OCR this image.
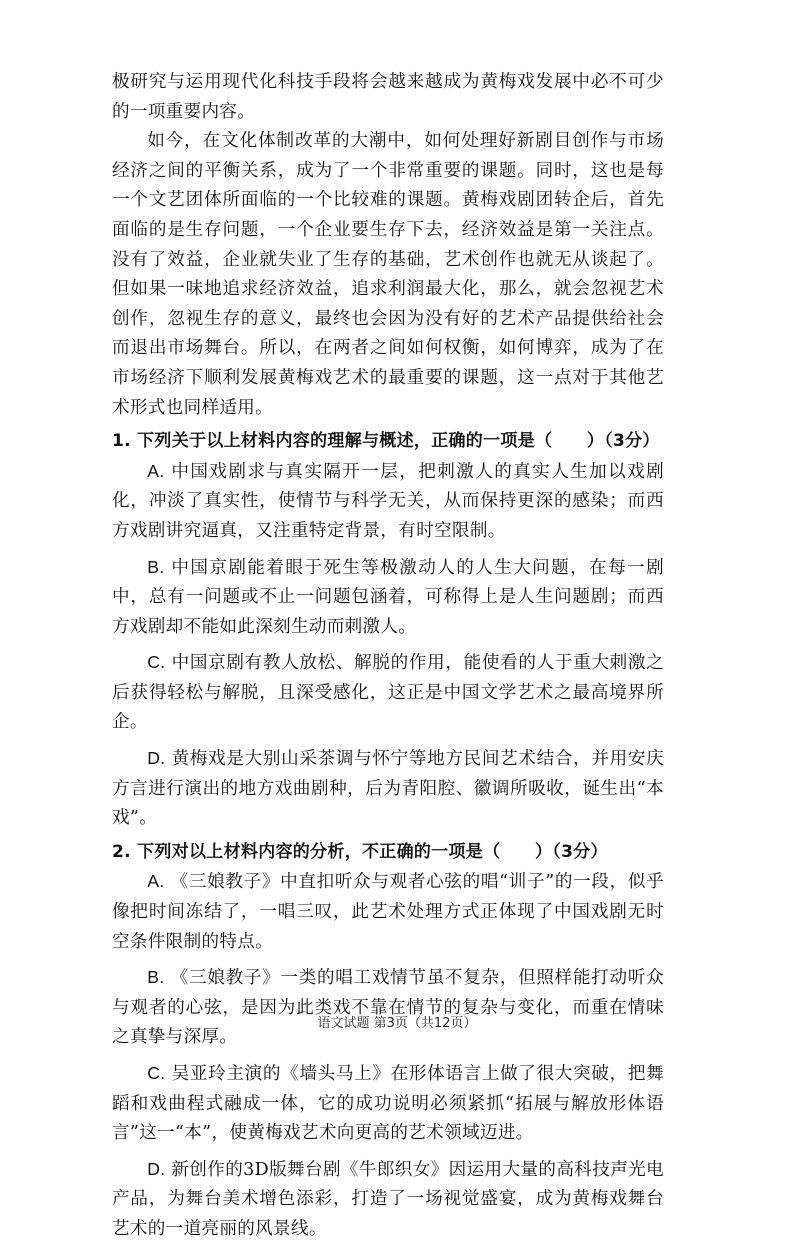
极研究与运用现代化科技手段将会越来越成为黄梅戏发展中必不可少的一项重要内容。

如今，在文化体制改革的大潮中，如何处理好新剧目创作与市场经济之间的平衡关系，成为了一个非常重要的课题。同时，这也是每一个文艺团体所面临的一个比较难的课题。黄梅戏剧团转企后，首先面临的是生存问题，一个企业要生存下去，经济效益是第一关注点。没有了效益，企业就失业了生存的基础，艺术创作也就无从谈起了。但如果一味地追求经济效益，追求利润最大化，那么，就会忽视艺术创作，忽视生存的意义，最终也会因为没有好的艺术产品提供给社会而退出市场舞台。所以，在两者之间如何权衡，如何博弈，成为了在市场经济下顺利发展黄梅戏艺术的最重要的课题，这一点对于其他艺术形式也同样适用。

1. 下列关于以上材料内容的理解与概述，正确的一项是（　　）（3分）

A. 中国戏剧求与真实隔开一层，把刺激人的真实人生加以戏剧化，冲淡了真实性，使情节与科学无关，从而保持更深的感染；而西方戏剧讲究逼真，又注重特定背景，有时空限制。

B. 中国京剧能着眼于死生等极激动人的人生大问题，在每一剧中，总有一问题或不止一问题包涵着，可称得上是人生问题剧；而西方戏剧却不能如此深刻生动而刺激人。

C. 中国京剧有教人放松、解脱的作用，能使看的人于重大刺激之后获得轻松与解脱，且深受感化，这正是中国文学艺术之最高境界所企。

D. 黄梅戏是大别山采茶调与怀宁等地方民间艺术结合，并用安庆方言进行演出的地方戏曲剧种，后为青阳腔、徽调所吸收，诞生出“本戏”。

2. 下列对以上材料内容的分析，不正确的一项是（　　）（3分）

A. 《三娘教子》中直扣听众与观者心弦的唱“训子”的一段，似乎像把时间冻结了，一唱三叹，此艺术处理方式正体现了中国戏剧无时空条件限制的特点。

B. 《三娘教子》一类的唱工戏情节虽不复杂，但照样能打动听众与观者的心弦，是因为此类戏不靠在情节的复杂与变化，而重在情味之真挚与深厚。

C. 吴亚玲主演的《墙头马上》在形体语言上做了很大突破，把舞蹈和戏曲程式融成一体，它的成功说明必须紧抓“拓展与解放形体语言”这一“本”，使黄梅戏艺术向更高的艺术领域迈进。

D. 新创作的3D版舞台剧《牛郎织女》因运用大量的高科技声光电产品，为舞台美术增色添彩，打造了一场视觉盛宴，成为黄梅戏舞台艺术的一道亮丽的风景线。

语文试题 第3页（共12页）
